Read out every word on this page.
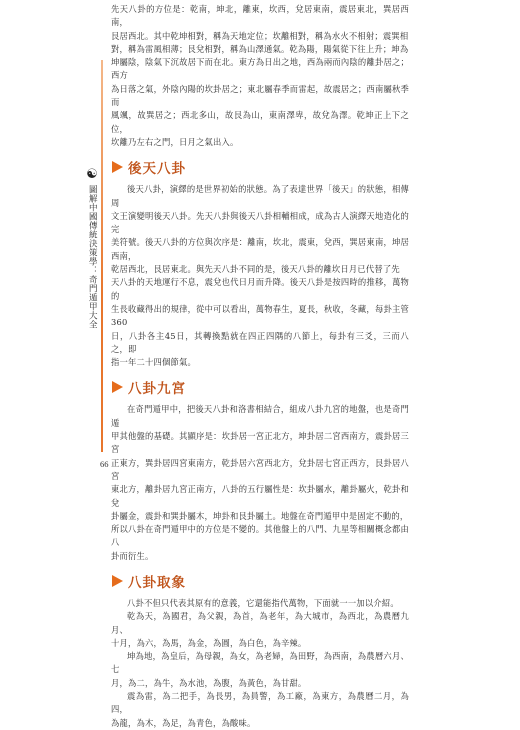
☯
圖解中國傳統決策學：奇門遁甲大全
66

先天八卦的方位是：乾南，坤北，離東，坎西，兌居東南，震居東北，巽居西南，

艮居西北。其中乾坤相對，稱為天地定位；坎離相對，稱為水火不相射；震巽相

對，稱為雷風相薄；艮兌相對，稱為山澤通氣。乾為陽，陽氣從下往上升；坤為

坤屬陰，陰氣下沉故居下而在北。東方為日出之地，西為兩而內陰的離卦居之；西方

為日落之氣，外陰內陽的坎卦居之；東北屬春季而雷起，故震居之；西南屬秋季而

風颯，故巽居之；西北多山，故艮為山，東南澤卑，故兌為澤。乾坤正上下之位，

坎離乃左右之門，日月之氣出入。

後天八卦

後天八卦，演繹的是世界初始的狀態。為了表達世界「後天」的狀態，相傳周

文王演變明後天八卦。先天八卦與後天八卦相輔相成，成為古人演繹天地造化的完

美符號。後天八卦的方位與次序是：離南，坎北，震東，兌西，巽居東南，坤居西南，

乾居西北，艮居東北。與先天八卦不同的是，後天八卦的離坎日月已代替了先

天八卦的天地運行不息，震兌也代日月而升降。後天八卦是按四時的推移，萬物的

生長收藏得出的規律，從中可以看出，萬物春生，夏長，秋收，冬藏，每卦主管360

日，八卦各主45日，其轉換點就在四正四隅的八節上，每卦有三爻，三而八之，即

指一年二十四個節氣。

八卦九宮

在奇門遁甲中，把後天八卦和洛書相結合，組成八卦九宮的地盤，也是奇門遁

甲其他盤的基礎。其顯序是：坎卦居一宮正北方，坤卦居二宮西南方，震卦居三宮

正東方，巽卦居四宮東南方，乾卦居六宮西北方，兌卦居七宮正西方，艮卦居八宮

東北方，離卦居九宮正南方，八卦的五行屬性是：坎卦屬水，離卦屬火，乾卦和兌

卦屬金，震卦和巽卦屬木，坤卦和艮卦屬土。地盤在奇門遁甲中是固定不動的，

所以八卦在奇門遁甲中的方位是不變的。其他盤上的八門、九星等相關概念都由八

卦而衍生。

八卦取象

八卦不但只代表其原有的意義，它還能指代萬物，下面就一一加以介紹。

乾為天，為國君，為父親，為首，為老年，為大城市，為西北，為農曆九月、

十月，為六，為馬，為金，為圓，為白色，為辛辣。

坤為地，為皇后，為母親，為女，為老婦，為田野，為西南，為農曆六月、七

月，為二，為牛，為水池，為腹，為黃色，為甘甜。

震為雷，為二把手，為長男，為員警，為工廠，為東方，為農曆二月，為四，

為龍，為木，為足，為青色，為酸味。
